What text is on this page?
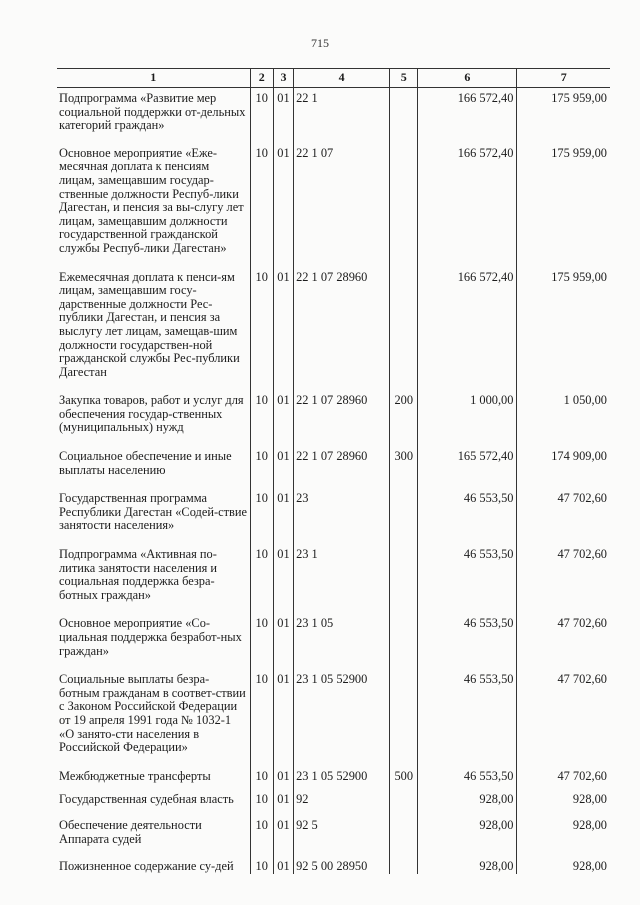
715
1	2	3	4	5	6	7
Подпрограмма «Развитие мер социальной поддержки от-дельных категорий граждан»	10	01	22 1		166 572,40	175 959,00
Основное мероприятие «Еже-месячная доплата к пенсиям лицам, замещавшим государ-ственные должности Респуб-лики Дагестан, и пенсия за вы-слугу лет лицам, замещавшим должности государственной гражданской службы Респуб-лики Дагестан»	10	01	22 1 07		166 572,40	175 959,00
Ежемесячная доплата к пенси-ям лицам, замещавшим госу-дарственные должности Рес-публики Дагестан, и пенсия за выслугу лет лицам, замещав-шим должности государствен-ной гражданской службы Рес-публики Дагестан	10	01	22 1 07 28960		166 572,40	175 959,00
Закупка товаров, работ и услуг для обеспечения государ-ственных (муниципальных) нужд	10	01	22 1 07 28960	200	1 000,00	1 050,00
Социальное обеспечение и иные выплаты населению	10	01	22 1 07 28960	300	165 572,40	174 909,00
Государственная программа Республики Дагестан «Содей-ствие занятости населения»	10	01	23		46 553,50	47 702,60
Подпрограмма «Активная по-литика занятости населения и социальная поддержка безра-ботных граждан»	10	01	23 1		46 553,50	47 702,60
Основное мероприятие «Со-циальная поддержка безработ-ных граждан»	10	01	23 1 05		46 553,50	47 702,60
Социальные выплаты безра-ботным гражданам в соответ-ствии с Законом Российской Федерации от 19 апреля 1991 года № 1032-1 «О занято-сти населения в Российской Федерации»	10	01	23 1 05 52900		46 553,50	47 702,60
Межбюджетные трансферты	10	01	23 1 05 52900	500	46 553,50	47 702,60
Государственная судебная власть	10	01	92		928,00	928,00
Обеспечение деятельности Аппарата судей	10	01	92 5		928,00	928,00
Пожизненное содержание су-дей	10	01	92 5 00 28950		928,00	928,00
